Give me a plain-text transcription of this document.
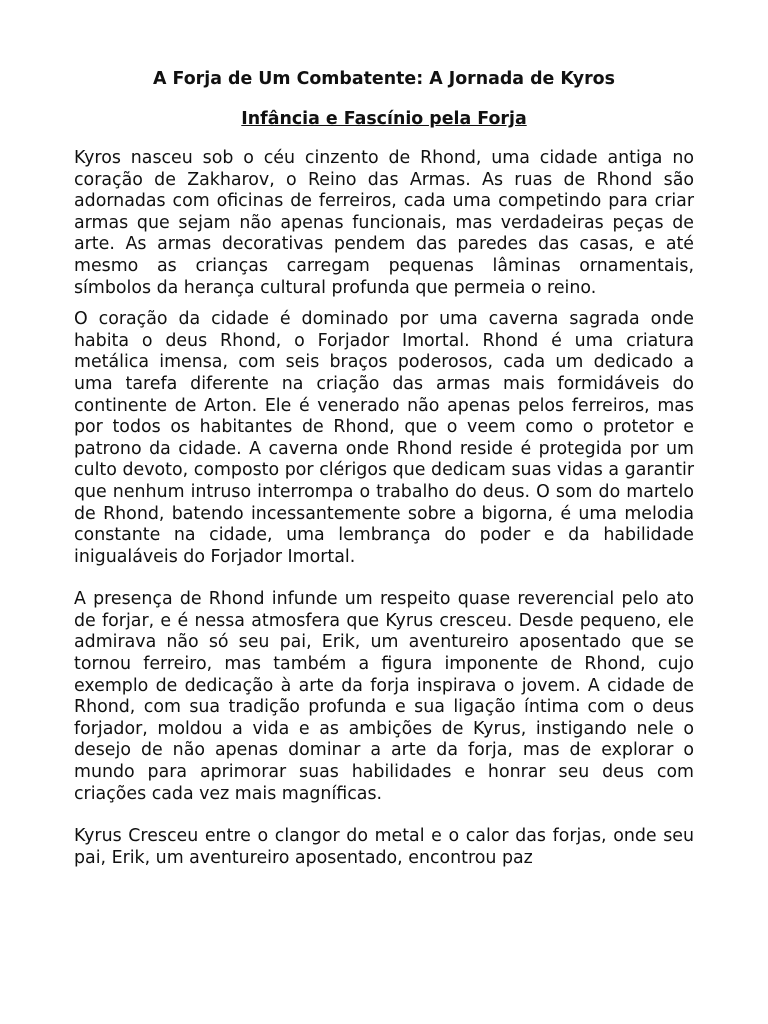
A Forja de Um Combatente: A Jornada de Kyros
Infância e Fascínio pela Forja

Kyros nasceu sob o céu cinzento de Rhond, uma cidade antiga no coração de Zakharov, o Reino das Armas. As ruas de Rhond são adornadas com oficinas de ferreiros, cada uma competindo para criar armas que sejam não apenas funcionais, mas verdadeiras peças de arte. As armas decorativas pendem das paredes das casas, e até mesmo as crianças carregam pequenas lâminas ornamentais, símbolos da herança cultural profunda que permeia o reino.

O coração da cidade é dominado por uma caverna sagrada onde habita o deus Rhond, o Forjador Imortal. Rhond é uma criatura metálica imensa, com seis braços poderosos, cada um dedicado a uma tarefa diferente na criação das armas mais formidáveis do continente de Arton. Ele é venerado não apenas pelos ferreiros, mas por todos os habitantes de Rhond, que o veem como o protetor e patrono da cidade. A caverna onde Rhond reside é protegida por um culto devoto, composto por clérigos que dedicam suas vidas a garantir que nenhum intruso interrompa o trabalho do deus. O som do martelo de Rhond, batendo incessantemente sobre a bigorna, é uma melodia constante na cidade, uma lembrança do poder e da habilidade inigualáveis do Forjador Imortal.

A presença de Rhond infunde um respeito quase reverencial pelo ato de forjar, e é nessa atmosfera que Kyrus cresceu. Desde pequeno, ele admirava não só seu pai, Erik, um aventureiro aposentado que se tornou ferreiro, mas também a figura imponente de Rhond, cujo exemplo de dedicação à arte da forja inspirava o jovem. A cidade de Rhond, com sua tradição profunda e sua ligação íntima com o deus forjador, moldou a vida e as ambições de Kyrus, instigando nele o desejo de não apenas dominar a arte da forja, mas de explorar o mundo para aprimorar suas habilidades e honrar seu deus com criações cada vez mais magníficas.

Kyrus Cresceu entre o clangor do metal e o calor das forjas, onde seu pai, Erik, um aventureiro aposentado, encontrou paz
